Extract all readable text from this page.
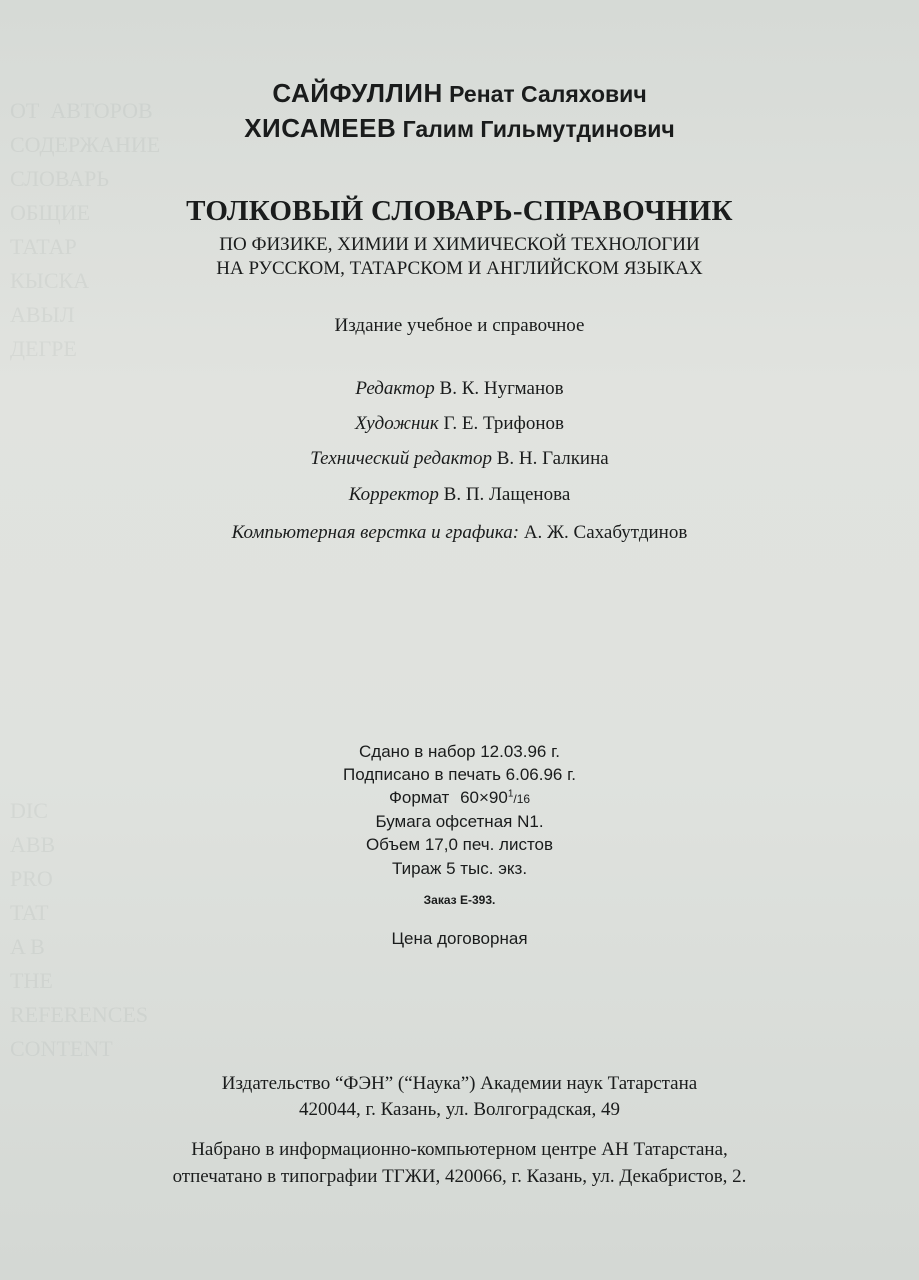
ОТ  АВТОРОВ
СОДЕРЖАНИЕ
СЛОВАРЬ
ОБЩИЕ
ТАТАР
КЫСКА
АВЫЛ
ДЕГРЕ

DIC
ABB
PRO
TAT
A B
THE
REFERENCES
CONTENT
САЙФУЛЛИН Ренат Саляхович
ХИСАМЕЕВ Галим Гильмутдинович
ТОЛКОВЫЙ СЛОВАРЬ-СПРАВОЧНИК
ПО ФИЗИКЕ, ХИМИИ И ХИМИЧЕСКОЙ ТЕХНОЛОГИИ
НА РУССКОМ, ТАТАРСКОМ И АНГЛИЙСКОМ ЯЗЫКАХ
Издание учебное и справочное
Редактор В. К. Нугманов
Художник Г. Е. Трифонов
Технический редактор В. Н. Галкина
Корректор В. П. Лащенова
Компьютерная верстка и графика: А. Ж. Сахабутдинов
Сдано в набор 12.03.96 г.
Подписано в печать 6.06.96 г.
Формат $60\times 90^1/16$
Бумага офсетная N1.
Объем 17,0 печ. листов
Тираж 5 тыс. экз.
Заказ Е-393.
Цена договорная
Издательство “ФЭН” (“Наука”) Академии наук Татарстана
420044, г. Казань, ул. Волгоградская, 49
Набрано в информационно-компьютерном центре АН Татарстана,
отпечатано в типографии ТГЖИ, 420066, г. Казань, ул. Декабристов, 2.
